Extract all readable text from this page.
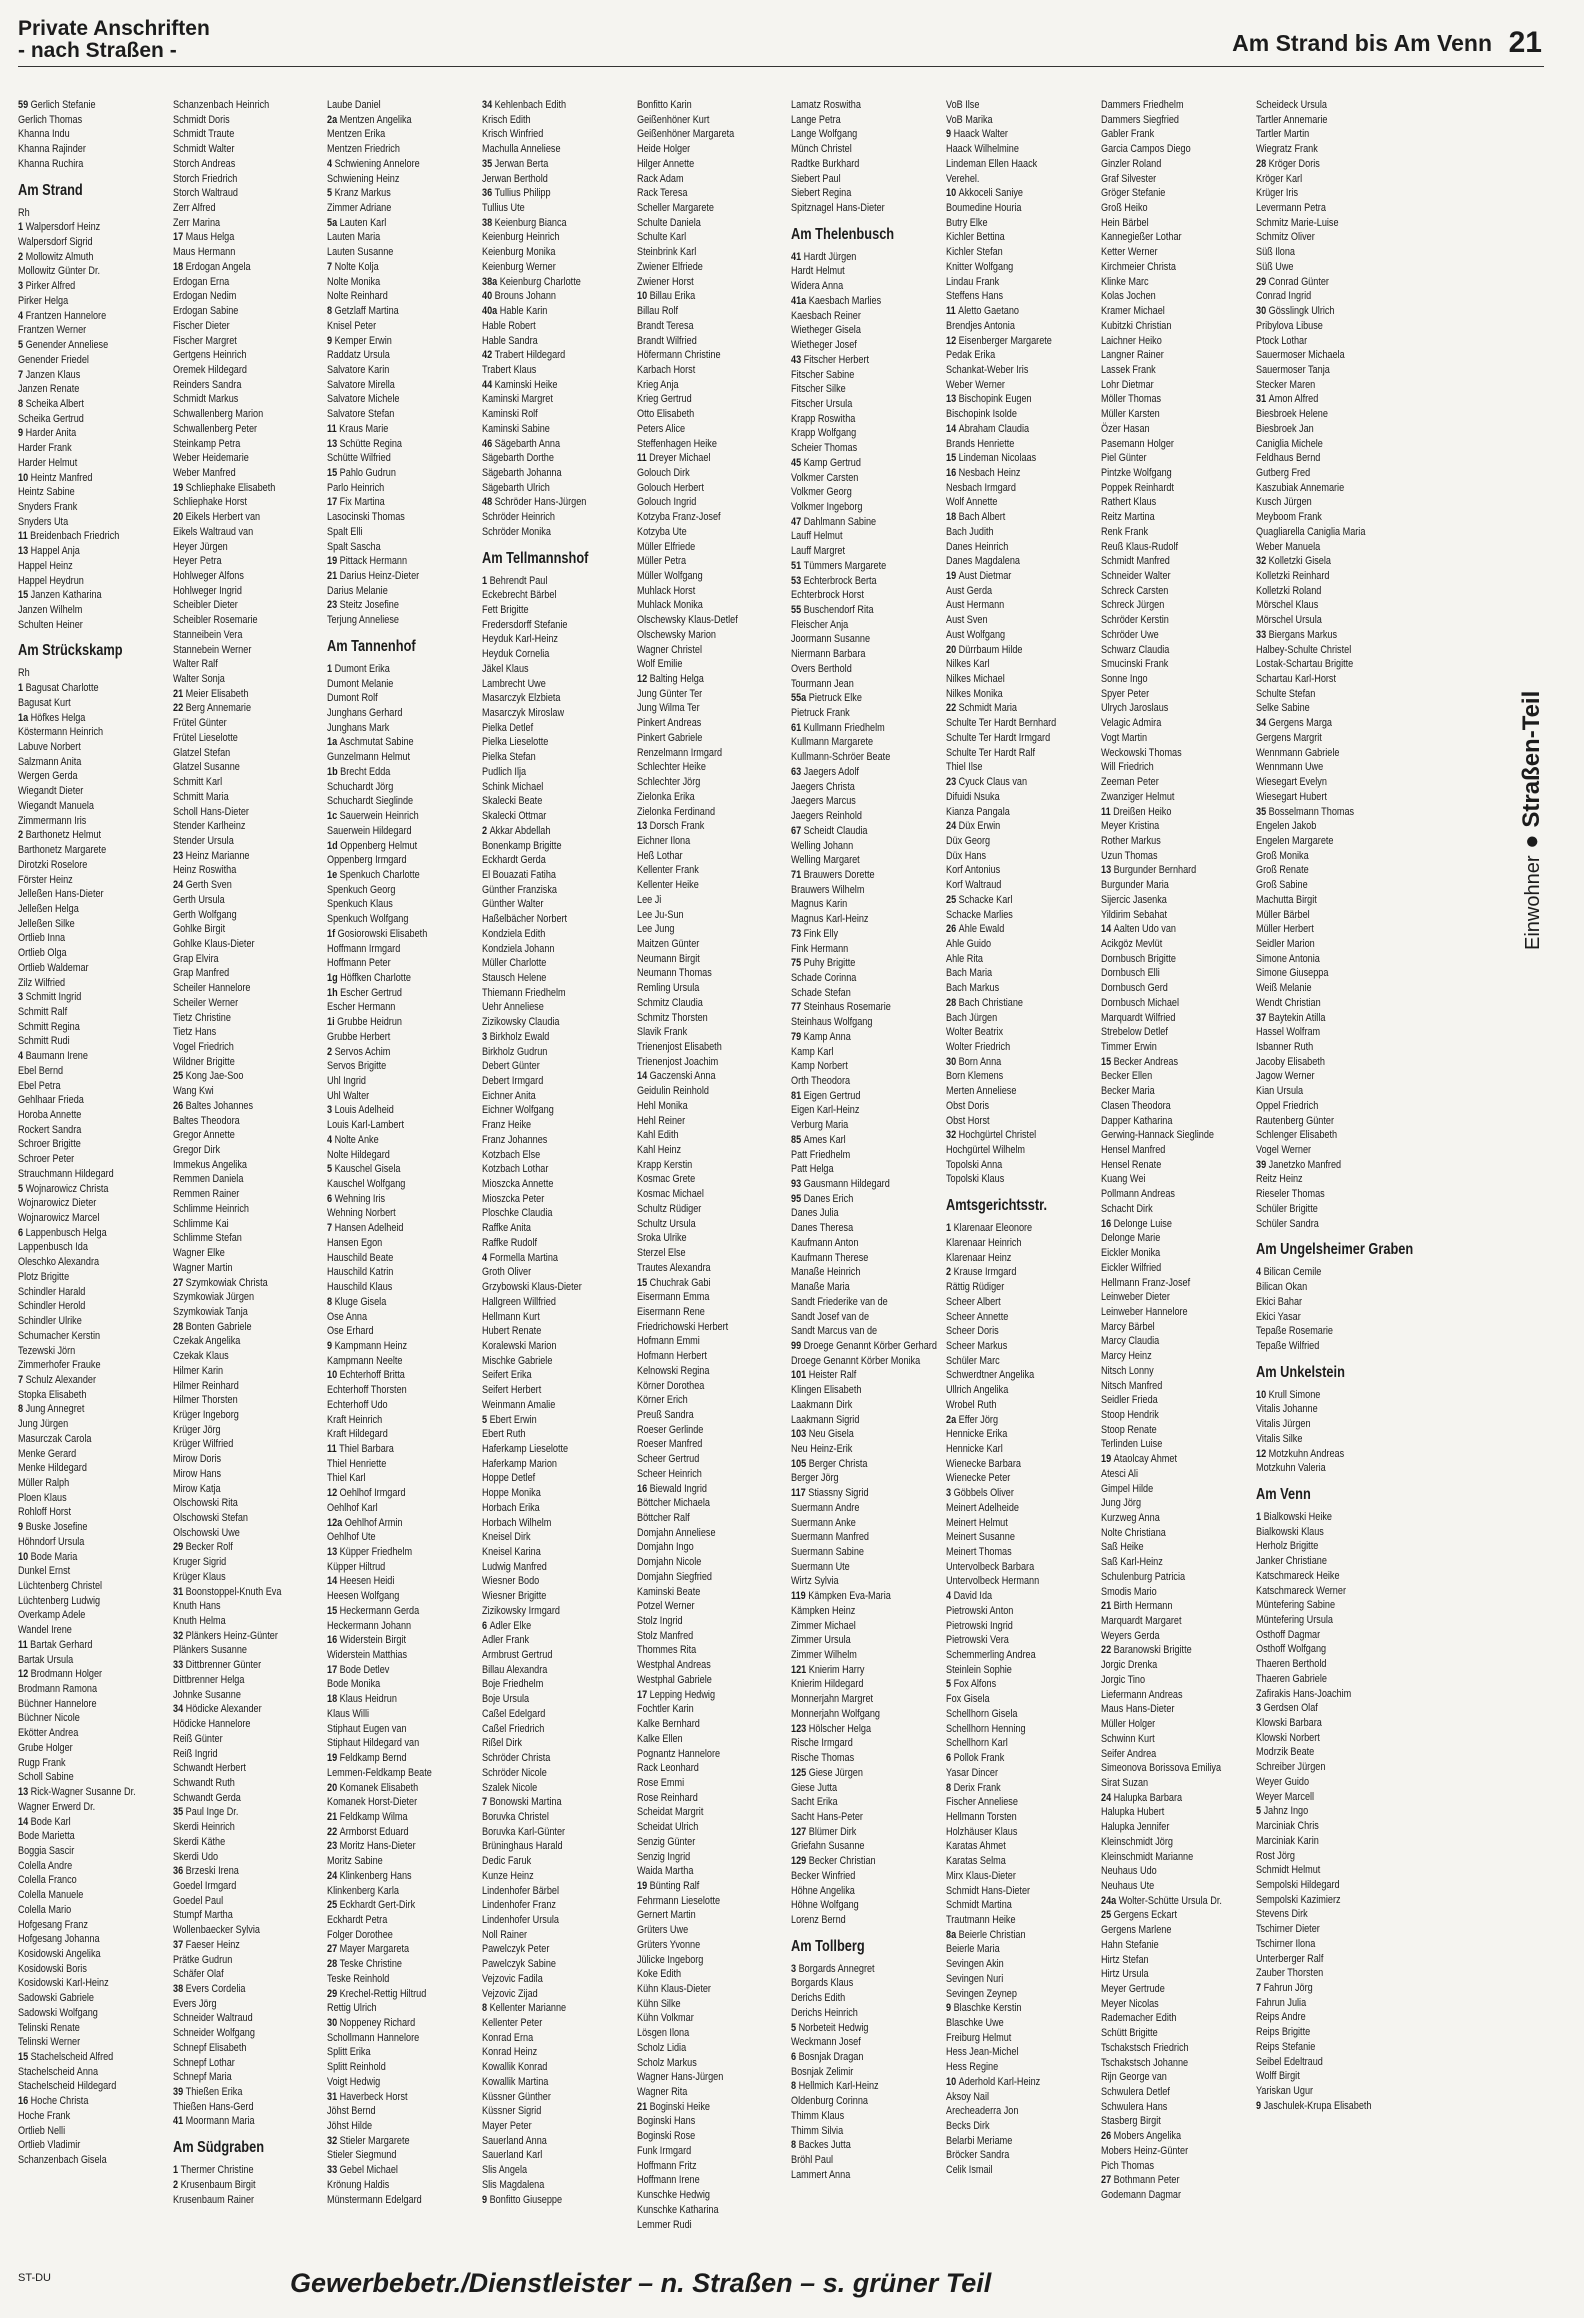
Private Anschriften
- nach Straßen -	Am Strand bis Am Venn 21
59 Gerlich Stefanie
Gerlich Thomas
Khanna Indu
Khanna Rajinder
Khanna Ruchira
Am Strand
Rh
1 Walpersdorf Heinz
Walpersdorf Sigrid
2 Mollowitz Almuth
Mollowitz Günter Dr.
3 Pirker Alfred
Pirker Helga
4 Frantzen Hannelore
Frantzen Werner
5 Genender Anneliese
Genender Friedel
7 Janzen Klaus
Janzen Renate
8 Scheika Albert
Scheika Gertrud
9 Harder Anita
Harder Frank
Harder Helmut
10 Heintz Manfred
Heintz Sabine
Snyders Frank
Snyders Uta
11 Breidenbach Friedrich
13 Happel Anja
Happel Heinz
Happel Heydrun
15 Janzen Katharina
Janzen Wilhelm
Schulten Heiner
Am Strückskamp
Rh
1 Bagusat Charlotte
Bagusat Kurt
1a Höfkes Helga
Köstermann Heinrich
Labuve Norbert
Salzmann Anita
Wergen Gerda
Wiegandt Dieter
Wiegandt Manuela
Zimmermann Iris
2 Barthonetz Helmut
Barthonetz Margarete
Dirotzki Roselore
Förster Heinz
Jelleßen Hans-Dieter
Jelleßen Helga
Jelleßen Silke
Ortlieb Inna
Ortlieb Olga
Ortlieb Waldemar
Zilz Wilfried
3 Schmitt Ingrid
Schmitt Ralf
Schmitt Regina
Schmitt Rudi
4 Baumann Irene
Ebel Bernd
Ebel Petra
Gehlhaar Frieda
Horoba Annette
Rockert Sandra
Schroer Brigitte
Schroer Peter
Strauchmann Hildegard
5 Wojnarowicz Christa
Wojnarowicz Dieter
Wojnarowicz Marcel
6 Lappenbusch Helga
Lappenbusch Ida
Oleschko Alexandra
Plotz Brigitte
Schindler Harald
Schindler Herold
Schindler Ulrike
Schumacher Kerstin
Tezewski Jörn
Zimmerhofer Frauke
7 Schulz Alexander
Stopka Elisabeth
8 Jung Annegret
Jung Jürgen
Masurczak Carola
Menke Gerard
Menke Hildegard
Müller Ralph
Ploen Klaus
Rohloff Horst
9 Buske Josefine
Höhndorf Ursula
10 Bode Maria
Dunkel Ernst
Lüchtenberg Christel
Lüchtenberg Ludwig
Overkamp Adele
Wandel Irene
11 Bartak Gerhard
Bartak Ursula
12 Brodmann Holger
Brodmann Ramona
Büchner Hannelore
Büchner Nicole
Ekötter Andrea
Grube Holger
Rugp Frank
Scholl Sabine
13 Rick-Wagner Susanne Dr.
Wagner Erwerd Dr.
14 Bode Karl
Bode Marietta
Boggia Sascir
Colella Andre
Colella Franco
Colella Manuele
Colella Mario
Hofgesang Franz
Hofgesang Johanna
Kosidowski Angelika
Kosidowski Boris
Kosidowski Karl-Heinz
Sadowski Gabriele
Sadowski Wolfgang
Telinski Renate
Telinski Werner
15 Stachelscheid Alfred
Stachelscheid Anna
Stachelscheid Hildegard
16 Hoche Christa
Hoche Frank
Ortlieb Nelli
Ortlieb Vladimir
Schanzenbach Gisela
Schanzenbach Heinrich
Schmidt Doris
Schmidt Traute
Schmidt Walter
Storch Andreas
Storch Friedrich
Storch Waltraud
Zerr Alfred
Zerr Marina
17 Maus Helga
Maus Hermann
18 Erdogan Angela
Erdogan Erna
Erdogan Nedim
Erdogan Sabine
Fischer Dieter
Fischer Margret
Gertgens Heinrich
Oremek Hildegard
Reinders Sandra
Schmidt Markus
Schwallenberg Marion
Schwallenberg Peter
Steinkamp Petra
Weber Heidemarie
Weber Manfred
19 Schliephake Elisabeth
Schliephake Horst
20 Eikels Herbert van
Eikels Waltraud van
Heyer Jürgen
Heyer Petra
Hohlweger Alfons
Hohlweger Ingrid
Scheibler Dieter
Scheibler Rosemarie
Stanneibein Vera
Stannebein Werner
Walter Ralf
Walter Sonja
21 Meier Elisabeth
22 Berg Annemarie
Frütel Günter
Frütel Lieselotte
Glatzel Stefan
Glatzel Susanne
Schmitt Karl
Schmitt Maria
Scholl Hans-Dieter
Stender Karlheinz
Stender Ursula
23 Heinz Marianne
Heinz Roswitha
24 Gerth Sven
Gerth Ursula
Gerth Wolfgang
Gohlke Birgit
Gohlke Klaus-Dieter
Grap Elvira
Grap Manfred
Scheiler Hannelore
Scheiler Werner
Tietz Christine
Tietz Hans
Vogel Friedrich
Wildner Brigitte
25 Kong Jae-Soo
Wang Kwi
26 Baltes Johannes
Baltes Theodora
Gregor Annette
Gregor Dirk
Immekus Angelika
Remmen Daniela
Remmen Rainer
Schlimme Heinrich
Schlimme Kai
Schlimme Stefan
Wagner Elke
Wagner Martin
27 Szymkowiak Christa
Szymkowiak Jürgen
Szymkowiak Tanja
28 Bonten Gabriele
Czekak Angelika
Czekak Klaus
Hilmer Karin
Hilmer Reinhard
Hilmer Thorsten
Krüger Ingeborg
Krüger Jörg
Krüger Wilfried
Mirow Doris
Mirow Hans
Mirow Katja
Olschowski Rita
Olschowski Stefan
Olschowski Uwe
29 Becker Rolf
Kruger Sigrid
Krüger Klaus
31 Boonstoppel-Knuth Eva
Knuth Hans
Knuth Helma
32 Plänkers Heinz-Günter
Plänkers Susanne
33 Dittbrenner Günter
Dittbrenner Helga
Johnke Susanne
34 Hödicke Alexander
Hödicke Hannelore
Reiß Günter
Reiß Ingrid
Schwandt Herbert
Schwandt Ruth
Schwandt Gerda
35 Paul Inge Dr.
Skerdi Heinrich
Skerdi Käthe
Skerdi Udo
36 Brzeski Irena
Goedel Irmgard
Goedel Paul
Stumpf Martha
Wollenbaecker Sylvia
37 Faeser Heinz
Prätke Gudrun
Schäfer Olaf
38 Evers Cordelia
Evers Jörg
Schneider Waltraud
Schneider Wolfgang
Schnepf Elisabeth
Schnepf Lothar
Schnepf Maria
39 Thießen Erika
Thießen Hans-Gerd
41 Moormann Maria
Am Südgraben
1 Thermer Christine
2 Krusenbaum Birgit
Krusenbaum Rainer
Laube Daniel
2a Mentzen Angelika
Mentzen Erika
Mentzen Friedrich
4 Schwiening Annelore
Schwiening Heinz
5 Kranz Markus
Zimmer Adriane
5a Lauten Karl
Lauten Maria
Lauten Susanne
7 Nolte Kolja
Nolte Monika
Nolte Reinhard
8 Getzlaff Martina
Knisel Peter
9 Kemper Erwin
Raddatz Ursula
Salvatore Karin
Salvatore Mirella
Salvatore Michele
Salvatore Stefan
11 Kraus Marie
13 Schütte Regina
Schütte Wilfried
15 Pahlo Gudrun
Parlo Heinrich
17 Fix Martina
Lasocinski Thomas
Spalt Elli
Spalt Sascha
19 Pittack Hermann
21 Darius Heinz-Dieter
Darius Melanie
23 Steitz Josefine
Terjung Anneliese
Am Tannenhof
1 Dumont Erika
Dumont Melanie
Dumont Rolf
Junghans Gerhard
Junghans Mark
1a Aschmutat Sabine
Gunzelmann Helmut
1b Brecht Edda
Schuchardt Jörg
Schuchardt Sieglinde
1c Sauerwein Heinrich
Sauerwein Hildegard
1d Oppenberg Helmut
Oppenberg Irmgard
1e Spenkuch Charlotte
Spenkuch Georg
Spenkuch Klaus
Spenkuch Wolfgang
1f Gosiorowski Elisabeth
Hoffmann Irmgard
Hoffmann Peter
1g Höffken Charlotte
1h Escher Gertrud
Escher Hermann
1i Grubbe Heidrun
Grubbe Herbert
2 Servos Achim
Servos Brigitte
Uhl Ingrid
Uhl Walter
3 Louis Adelheid
Louis Karl-Lambert
4 Nolte Anke
Nolte Hildegard
5 Kauschel Gisela
Kauschel Wolfgang
6 Wehning Iris
Wehning Norbert
7 Hansen Adelheid
Hansen Egon
Hauschild Beate
Hauschild Katrin
Hauschild Klaus
8 Kluge Gisela
Ose Anna
Ose Erhard
9 Kampmann Heinz
Kampmann Neelte
10 Echterhoff Britta
Echterhoff Thorsten
Echterhoff Udo
Kraft Heinrich
Kraft Hildegard
11 Thiel Barbara
Thiel Henriette
Thiel Karl
12 Oehlhof Irmgard
Oehlhof Karl
12a Oehlhof Armin
Oehlhof Ute
13 Küpper Friedhelm
Küpper Hiltrud
14 Heesen Heidi
Heesen Wolfgang
15 Heckermann Gerda
Heckermann Johann
16 Widerstein Birgit
Widerstein Matthias
17 Bode Detlev
Bode Monika
18 Klaus Heidrun
Klaus Willi
Stiphaut Eugen van
Stiphaut Hildegard van
19 Feldkamp Bernd
Lemmen-Feldkamp Beate
20 Komanek Elisabeth
Komanek Horst-Dieter
21 Feldkamp Wilma
22 Armborst Eduard
23 Moritz Hans-Dieter
Moritz Sabine
24 Klinkenberg Hans
Klinkenberg Karla
25 Eckhardt Gert-Dirk
Eckhardt Petra
Folger Dorothee
27 Mayer Margareta
28 Teske Christine
Teske Reinhold
29 Krechel-Rettig Hiltrud
Rettig Ulrich
30 Noppeney Richard
Schollmann Hannelore
Splitt Erika
Splitt Reinhold
Voigt Hedwig
31 Haverbeck Horst
Jöhst Bernd
Jöhst Hilde
32 Stieler Margarete
Stieler Siegmund
33 Gebel Michael
Krönung Haldis
Münstermann Edelgard
34 Kehlenbach Edith
Krisch Edith
Krisch Winfried
Machulla Anneliese
35 Jerwan Berta
Jerwan Berthold
36 Tullius Philipp
Tullius Ute
38 Keienburg Bianca
Keienburg Heinrich
Keienburg Monika
Keienburg Werner
38a Keienburg Charlotte
40 Brouns Johann
40a Hable Karin
Hable Robert
Hable Sandra
42 Trabert Hildegard
Trabert Klaus
44 Kaminski Heike
Kaminski Margret
Kaminski Rolf
Kaminski Sabine
46 Sägebarth Anna
Sägebarth Dorthe
Sägebarth Johanna
Sägebarth Ulrich
48 Schröder Hans-Jürgen
Schröder Heinrich
Schröder Monika
Am Tellmannshof
1 Behrendt Paul
Eckebrecht Bärbel
Fett Brigitte
Fredersdorff Stefanie
Heyduk Karl-Heinz
Heyduk Cornelia
Jäkel Klaus
Lambrecht Uwe
Masarczyk Elzbieta
Masarczyk Miroslaw
Pielka Detlef
Pielka Lieselotte
Pielka Stefan
Pudlich Ilja
Schink Michael
Skalecki Beate
Skalecki Ottmar
2 Akkar Abdellah
Bonenkamp Brigitte
Eckhardt Gerda
El Bouazati Fatiha
Günther Franziska
Günther Walter
Haßelbächer Norbert
Kondziela Edith
Kondziela Johann
Müller Charlotte
Stausch Helene
Thiemann Friedhelm
Uehr Anneliese
Zizikowsky Claudia
3 Birkholz Ewald
Birkholz Gudrun
Debert Günter
Debert Irmgard
Eichner Anita
Eichner Wolfgang
Franz Heike
Franz Johannes
Kotzbach Else
Kotzbach Lothar
Mioszcka Annette
Mioszcka Peter
Ploschke Claudia
Raffke Anita
Raffke Rudolf
4 Formella Martina
Groth Oliver
Grzybowski Klaus-Dieter
Hallgreen Willfried
Hellmann Kurt
Hubert Renate
Koralewski Marion
Mischke Gabriele
Seifert Erika
Seifert Herbert
Weinmann Amalie
5 Ebert Erwin
Ebert Ruth
Haferkamp Lieselotte
Haferkamp Marion
Hoppe Detlef
Hoppe Monika
Horbach Erika
Horbach Wilhelm
Kneisel Dirk
Kneisel Karina
Ludwig Manfred
Wiesner Bodo
Wiesner Brigitte
Zizikowsky Irmgard
6 Adler Elke
Adler Frank
Armbrust Gertrud
Billau Alexandra
Boje Friedhelm
Boje Ursula
Caßel Edelgard
Caßel Friedrich
Rißel Dirk
Schröder Christa
Schröder Nicole
Szalek Nicole
7 Bonowski Martina
Boruvka Christel
Boruvka Karl-Günter
Brüninghaus Harald
Dedic Faruk
Kunze Heinz
Lindenhofer Bärbel
Lindenhofer Franz
Lindenhofer Ursula
Noll Rainer
Pawelczyk Peter
Pawelczyk Sabine
Vejzovic Fadila
Vejzovic Zijad
8 Kellenter Marianne
Kellenter Peter
Konrad Erna
Konrad Heinz
Kowallik Konrad
Kowallik Martina
Küssner Günther
Küssner Sigrid
Mayer Peter
Sauerland Anna
Sauerland Karl
Slis Angela
Slis Magdalena
9 Bonfitto Giuseppe
Bonfitto Karin
Geißenhöner Kurt
Geißenhöner Margareta
Heide Holger
Hilger Annette
Rack Adam
Rack Teresa
Scheller Margarete
Schulte Daniela
Schulte Karl
Steinbrink Karl
Zwiener Elfriede
Zwiener Horst
10 Billau Erika
Billau Rolf
Brandt Teresa
Brandt Wilfried
Höfermann Christine
Karbach Horst
Krieg Anja
Krieg Gertrud
Otto Elisabeth
Peters Alice
Steffenhagen Heike
11 Dreyer Michael
Golouch Dirk
Golouch Herbert
Golouch Ingrid
Kotzyba Franz-Josef
Kotzyba Ute
Müller Elfriede
Müller Petra
Müller Wolfgang
Muhlack Horst
Muhlack Monika
Olschewsky Klaus-Detlef
Olschewsky Marion
Wagner Christel
Wolf Emilie
12 Balting Helga
Jung Günter Ter
Jung Wilma Ter
Pinkert Andreas
Pinkert Gabriele
Renzelmann Irmgard
Schlechter Heike
Schlechter Jörg
Zielonka Erika
Zielonka Ferdinand
13 Dorsch Frank
Eichner Ilona
Heß Lothar
Kellenter Frank
Kellenter Heike
Lee Ji
Lee Ju-Sun
Lee Jung
Maitzen Günter
Neumann Birgit
Neumann Thomas
Remling Ursula
Schmitz Claudia
Schmitz Thorsten
Slavik Frank
Trienenjost Elisabeth
Trienenjost Joachim
14 Gaczenski Anna
Geidulin Reinhold
Hehl Monika
Hehl Reiner
Kahl Edith
Kahl Heinz
Krapp Kerstin
Kosmac Grete
Kosmac Michael
Schultz Rüdiger
Schultz Ursula
Sroka Ulrike
Sterzel Else
Trautes Alexandra
15 Chuchrak Gabi
Eisermann Emma
Eisermann Rene
Friedrichowski Herbert
Hofmann Emmi
Hofmann Herbert
Kelnowski Regina
Körner Dorothea
Körner Erich
Preuß Sandra
Roeser Gerlinde
Roeser Manfred
Scheer Gertrud
Scheer Heinrich
16 Biewald Ingrid
Böttcher Michaela
Böttcher Ralf
Domjahn Anneliese
Domjahn Ingo
Domjahn Nicole
Domjahn Siegfried
Kaminski Beate
Potzel Werner
Stolz Ingrid
Stolz Manfred
Thommes Rita
Westphal Andreas
Westphal Gabriele
17 Lepping Hedwig
Fochtler Karin
Kalke Bernhard
Kalke Ellen
Pognantz Hannelore
Rack Leonhard
Rose Emmi
Rose Reinhard
Scheidat Margrit
Scheidat Ulrich
Senzig Günter
Senzig Ingrid
Waida Martha
19 Bünting Ralf
Fehrmann Lieselotte
Gernert Martin
Grüters Uwe
Grüters Yvonne
Jülicke Ingeborg
Koke Edith
Kühn Klaus-Dieter
Kühn Silke
Kühn Volkmar
Lösgen Ilona
Scholz Lidia
Scholz Markus
Wagner Hans-Jürgen
Wagner Rita
21 Boginski Heike
Boginski Hans
Boginski Rose
Funk Irmgard
Hoffmann Fritz
Hoffmann Irene
Kunschke Hedwig
Kunschke Katharina
Lemmer Rudi
Lamatz Roswitha
Lange Petra
Lange Wolfgang
Münch Christel
Radtke Burkhard
Siebert Paul
Siebert Regina
Spitznagel Hans-Dieter
Am Thelenbusch
41 Hardt Jürgen
Hardt Helmut
Widera Anna
41a Kaesbach Marlies
Kaesbach Reiner
Wietheger Gisela
Wietheger Josef
43 Fitscher Herbert
Fitscher Sabine
Fitscher Silke
Fitscher Ursula
Krapp Roswitha
Krapp Wolfgang
Scheier Thomas
45 Kamp Gertrud
Volkmer Carsten
Volkmer Georg
Volkmer Ingeborg
47 Dahlmann Sabine
Lauff Helmut
Lauff Margret
51 Tümmers Margarete
53 Echterbrock Berta
Echterbrock Horst
55 Buschendorf Rita
Fleischer Anja
Joormann Susanne
Niermann Barbara
Overs Berthold
Tourmann Jean
55a Pietruck Elke
Pietruck Frank
61 Kullmann Friedhelm
Kullmann Margarete
Kullmann-Schröer Beate
63 Jaegers Adolf
Jaegers Christa
Jaegers Marcus
Jaegers Reinhold
67 Scheidt Claudia
Welling Johann
Welling Margaret
71 Brauwers Dorette
Brauwers Wilhelm
Magnus Karin
Magnus Karl-Heinz
73 Fink Elly
Fink Hermann
75 Puhy Brigitte
Schade Corinna
Schade Stefan
77 Steinhaus Rosemarie
Steinhaus Wolfgang
79 Kamp Anna
Kamp Karl
Kamp Norbert
Orth Theodora
81 Eigen Gertrud
Eigen Karl-Heinz
Verburg Maria
85 Ames Karl
Patt Friedhelm
Patt Helga
93 Gausmann Hildegard
95 Danes Erich
Danes Julia
Danes Theresa
Kaufmann Anton
Kaufmann Therese
Manaße Heinrich
Manaße Maria
Sandt Friederike van de
Sandt Josef van de
Sandt Marcus van de
99 Droege Genannt Körber Gerhard
Droege Genannt Körber Monika
101 Heister Ralf
Klingen Elisabeth
Laakmann Dirk
Laakmann Sigrid
103 Neu Gisela
Neu Heinz-Erik
105 Berger Christa
Berger Jörg
117 Stiassny Sigrid
Suermann Andre
Suermann Anke
Suermann Manfred
Suermann Sabine
Suermann Ute
Wirtz Sylvia
119 Kämpken Eva-Maria
Kämpken Heinz
Zimmer Michael
Zimmer Ursula
Zimmer Wilhelm
121 Knierim Harry
Knierim Hildegard
Monnerjahn Margret
Monnerjahn Wolfgang
123 Hölscher Helga
Rische Irmgard
Rische Thomas
125 Giese Jürgen
Giese Jutta
Sacht Erika
Sacht Hans-Peter
127 Blümer Dirk
Griefahn Susanne
129 Becker Christian
Becker Winfried
Höhne Angelika
Höhne Wolfgang
Lorenz Bernd
Am Tollberg
3 Borgards Annegret
Borgards Klaus
Derichs Edith
Derichs Heinrich
5 Norbeteit Hedwig
Weckmann Josef
6 Bosnjak Dragan
Bosnjak Zelimir
8 Hellmich Karl-Heinz
Oldenburg Corinna
Thimm Klaus
Thimm Silvia
8 Backes Jutta
Bröhl Paul
Lammert Anna
VoB Ilse
VoB Marika
9 Haack Walter
Haack Wilhelmine
Lindeman Ellen Haack
Verehel.
10 Akkoceli Saniye
Boumedine Houria
Butry Elke
Kichler Bettina
Kichler Stefan
Knitter Wolfgang
Lindau Frank
Steffens Hans
11 Aletto Gaetano
Brendjes Antonia
12 Eisenberger Margarete
Pedak Erika
Schankat-Weber Iris
Weber Werner
13 Bischopink Eugen
Bischopink Isolde
14 Abraham Claudia
Brands Henriette
15 Lindeman Nicolaas
16 Nesbach Heinz
Nesbach Irmgard
Wolf Annette
18 Bach Albert
Bach Judith
Danes Heinrich
Danes Magdalena
19 Aust Dietmar
Aust Gerda
Aust Hermann
Aust Sven
Aust Wolfgang
20 Dürrbaum Hilde
Nilkes Karl
Nilkes Michael
Nilkes Monika
22 Schmidt Maria
Schulte Ter Hardt Bernhard
Schulte Ter Hardt Irmgard
Schulte Ter Hardt Ralf
Thiel Ilse
23 Cyuck Claus van
Difuidi Nsuka
Kianza Pangala
24 Düx Erwin
Düx Georg
Düx Hans
Korf Antonius
Korf Waltraud
25 Schacke Karl
Schacke Marlies
26 Ahle Ewald
Ahle Guido
Ahle Rita
Bach Maria
Bach Markus
28 Bach Christiane
Bach Jürgen
Wolter Beatrix
Wolter Friedrich
30 Born Anna
Born Klemens
Merten Anneliese
Obst Doris
Obst Horst
32 Hochgürtel Christel
Hochgürtel Wilhelm
Topolski Anna
Topolski Klaus
Amtsgerichtsstr.
1 Klarenaar Eleonore
Klarenaar Heinrich
Klarenaar Heinz
2 Krause Irmgard
Rättig Rüdiger
Scheer Albert
Scheer Annette
Scheer Doris
Scheer Markus
Schüler Marc
Schwerdtner Angelika
Ullrich Angelika
Wrobel Ruth
2a Effer Jörg
Hennicke Erika
Hennicke Karl
Wienecke Barbara
Wienecke Peter
3 Göbbels Oliver
Meinert Adelheide
Meinert Helmut
Meinert Susanne
Meinert Thomas
Untervolbeck Barbara
Untervolbeck Hermann
4 David Ida
Pietrowski Anton
Pietrowski Ingrid
Pietrowski Vera
Schemmerling Andrea
Steinlein Sophie
5 Fox Alfons
Fox Gisela
Schellhorn Gisela
Schellhorn Henning
Schellhorn Karl
6 Pollok Frank
Yasar Dincer
8 Derix Frank
Fischer Anneliese
Hellmann Torsten
Holzhäuser Klaus
Karatas Ahmet
Karatas Selma
Mirx Klaus-Dieter
Schmidt Hans-Dieter
Schmidt Martina
Trautmann Heike
8a Beierle Christian
Beierle Maria
Sevingen Akin
Sevingen Nuri
Sevingen Zeynep
9 Blaschke Kerstin
Blaschke Uwe
Freiburg Helmut
Hess Jean-Michel
Hess Regine
10 Aderhold Karl-Heinz
Aksoy Nail
Arecheaderra Jon
Becks Dirk
Belarbi Meriame
Bröcker Sandra
Celik Ismail
Dammers Friedhelm
Dammers Siegfried
Gabler Frank
Garcia Campos Diego
Ginzler Roland
Graf Silvester
Gröger Stefanie
Groß Heiko
Hein Bärbel
Kannegießer Lothar
Ketter Werner
Kirchmeier Christa
Klinke Marc
Kolas Jochen
Kramer Michael
Kubitzki Christian
Laichner Heiko
Langner Rainer
Lassek Frank
Lohr Dietmar
Möller Thomas
Müller Karsten
Özer Hasan
Pasemann Holger
Piel Günter
Pintzke Wolfgang
Poppek Reinhardt
Rathert Klaus
Reitz Martina
Renk Frank
Reuß Klaus-Rudolf
Schmidt Manfred
Schneider Walter
Schreck Carsten
Schreck Jürgen
Schröder Kerstin
Schröder Uwe
Schwarz Claudia
Smucinski Frank
Sonne Ingo
Spyer Peter
Ulrych Jaroslaus
Velagic Admira
Vogt Martin
Weckowski Thomas
Will Friedrich
Zeeman Peter
Zwanziger Helmut
11 Dreißen Heiko
Meyer Kristina
Rother Markus
Uzun Thomas
13 Burgunder Bernhard
Burgunder Maria
Sijercic Jasenka
Yildirim Sebahat
14 Aalten Udo van
Acikgöz Mevlüt
Dornbusch Brigitte
Dornbusch Elli
Dornbusch Gerd
Dornbusch Michael
Marquardt Wilfried
Strebelow Detlef
Timmer Erwin
15 Becker Andreas
Becker Ellen
Becker Maria
Clasen Theodora
Dapper Katharina
Gerwing-Hannack Sieglinde
Hensel Manfred
Hensel Renate
Kuang Wei
Pollmann Andreas
Schacht Dirk
16 Delonge Luise
Delonge Marie
Eickler Monika
Eickler Wilfried
Hellmann Franz-Josef
Leinweber Dieter
Leinweber Hannelore
Marcy Bärbel
Marcy Claudia
Marcy Heinz
Nitsch Lonny
Nitsch Manfred
Seidler Frieda
Stoop Hendrik
Stoop Renate
Terlinden Luise
19 Ataolcay Ahmet
Atesci Ali
Gimpel Hilde
Jung Jörg
Kurzweg Anna
Nolte Christiana
Saß Heike
Saß Karl-Heinz
Schulenburg Patricia
Smodis Mario
21 Birth Hermann
Marquardt Margaret
Weyers Gerda
22 Baranowski Brigitte
Jorgic Drenka
Jorgic Tino
Liefermann Andreas
Maus Hans-Dieter
Müller Holger
Schwinn Kurt
Seifer Andrea
Simeonova Borissova Emiliya
Sirat Suzan
24 Halupka Barbara
Halupka Hubert
Halupka Jennifer
Kleinschmidt Jörg
Kleinschmidt Marianne
Neuhaus Udo
Neuhaus Ute
24a Wolter-Schütte Ursula Dr.
25 Gergens Eckart
Gergens Marlene
Hahn Stefanie
Hirtz Stefan
Hirtz Ursula
Meyer Gertrude
Meyer Nicolas
Rademacher Edith
Schütt Brigitte
Tschakstsch Friedrich
Tschakstsch Johanne
Rijn George van
Schwulera Detlef
Schwulera Hans
Stasberg Birgit
26 Mobers Angelika
Mobers Heinz-Günter
Pich Thomas
27 Bothmann Peter
Godemann Dagmar
Scheideck Ursula
Tartler Annemarie
Tartler Martin
Wiegratz Frank
28 Kröger Doris
Kröger Karl
Krüger Iris
Levermann Petra
Schmitz Marie-Luise
Schmitz Oliver
Süß Ilona
Süß Uwe
29 Conrad Günter
Conrad Ingrid
30 Gösslingk Ulrich
Pribylova Libuse
Ptock Lothar
Sauermoser Michaela
Sauermoser Tanja
Stecker Maren
31 Amon Alfred
Biesbroek Helene
Biesbroek Jan
Caniglia Michele
Feldhaus Bernd
Gutberg Fred
Kaszubiak Annemarie
Kusch Jürgen
Meyboom Frank
Quagliarella Caniglia Maria
Weber Manuela
32 Kolletzki Gisela
Kolletzki Reinhard
Kolletzki Roland
Mörschel Klaus
Mörschel Ursula
33 Biergans Markus
Halbey-Schulte Christel
Lostak-Schartau Brigitte
Schartau Karl-Horst
Schulte Stefan
Selke Sabine
34 Gergens Marga
Gergens Margrit
Wennmann Gabriele
Wennmann Uwe
Wiesegart Evelyn
Wiesegart Hubert
35 Bosselmann Thomas
Engelen Jakob
Engelen Margarete
Groß Monika
Groß Renate
Groß Sabine
Machutta Birgit
Müller Bärbel
Müller Herbert
Seidler Marion
Simone Antonia
Simone Giuseppa
Weiß Melanie
Wendt Christian
37 Baytekin Atilla
Hassel Wolfram
Isbanner Ruth
Jacoby Elisabeth
Jagow Werner
Kian Ursula
Oppel Friedrich
Rautenberg Günter
Schlenger Elisabeth
Vogel Werner
39 Janetzko Manfred
Reitz Heinz
Rieseler Thomas
Schüler Brigitte
Schüler Sandra
Am Ungelsheimer Graben
4 Bilican Cemile
Bilican Okan
Ekici Bahar
Ekici Yasar
Tepaße Rosemarie
Tepaße Wilfried
Am Unkelstein
10 Krull Simone
Vitalis Johanne
Vitalis Jürgen
Vitalis Silke
12 Motzkuhn Andreas
Motzkuhn Valeria
Am Venn
1 Bialkowski Heike
Bialkowski Klaus
Herholz Brigitte
Janker Christiane
Katschmareck Heike
Katschmareck Werner
Müntefering Sabine
Müntefering Ursula
Osthoff Dagmar
Osthoff Wolfgang
Thaeren Berthold
Thaeren Gabriele
Zafirakis Hans-Joachim
3 Gerdsen Olaf
Klowski Barbara
Klowski Norbert
Modrzik Beate
Schreiber Jürgen
Weyer Guido
Weyer Marcell
5 Jahnz Ingo
Marciniak Chris
Marciniak Karin
Rost Jörg
Schmidt Helmut
Sempolski Hildegard
Sempolski Kazimierz
Stevens Dirk
Tschirner Dieter
Tschirner Ilona
Unterberger Ralf
Zauber Thorsten
7 Fahrun Jörg
Fahrun Julia
Reips Andre
Reips Brigitte
Reips Stefanie
Seibel Edeltraud
Wolff Birgit
Yariskan Ugur
9 Jaschulek-Krupa Elisabeth
Einwohner ● Straßen-Teil
ST-DU	Gewerbebetr./Dienstleister – n. Straßen – s. grüner Teil
